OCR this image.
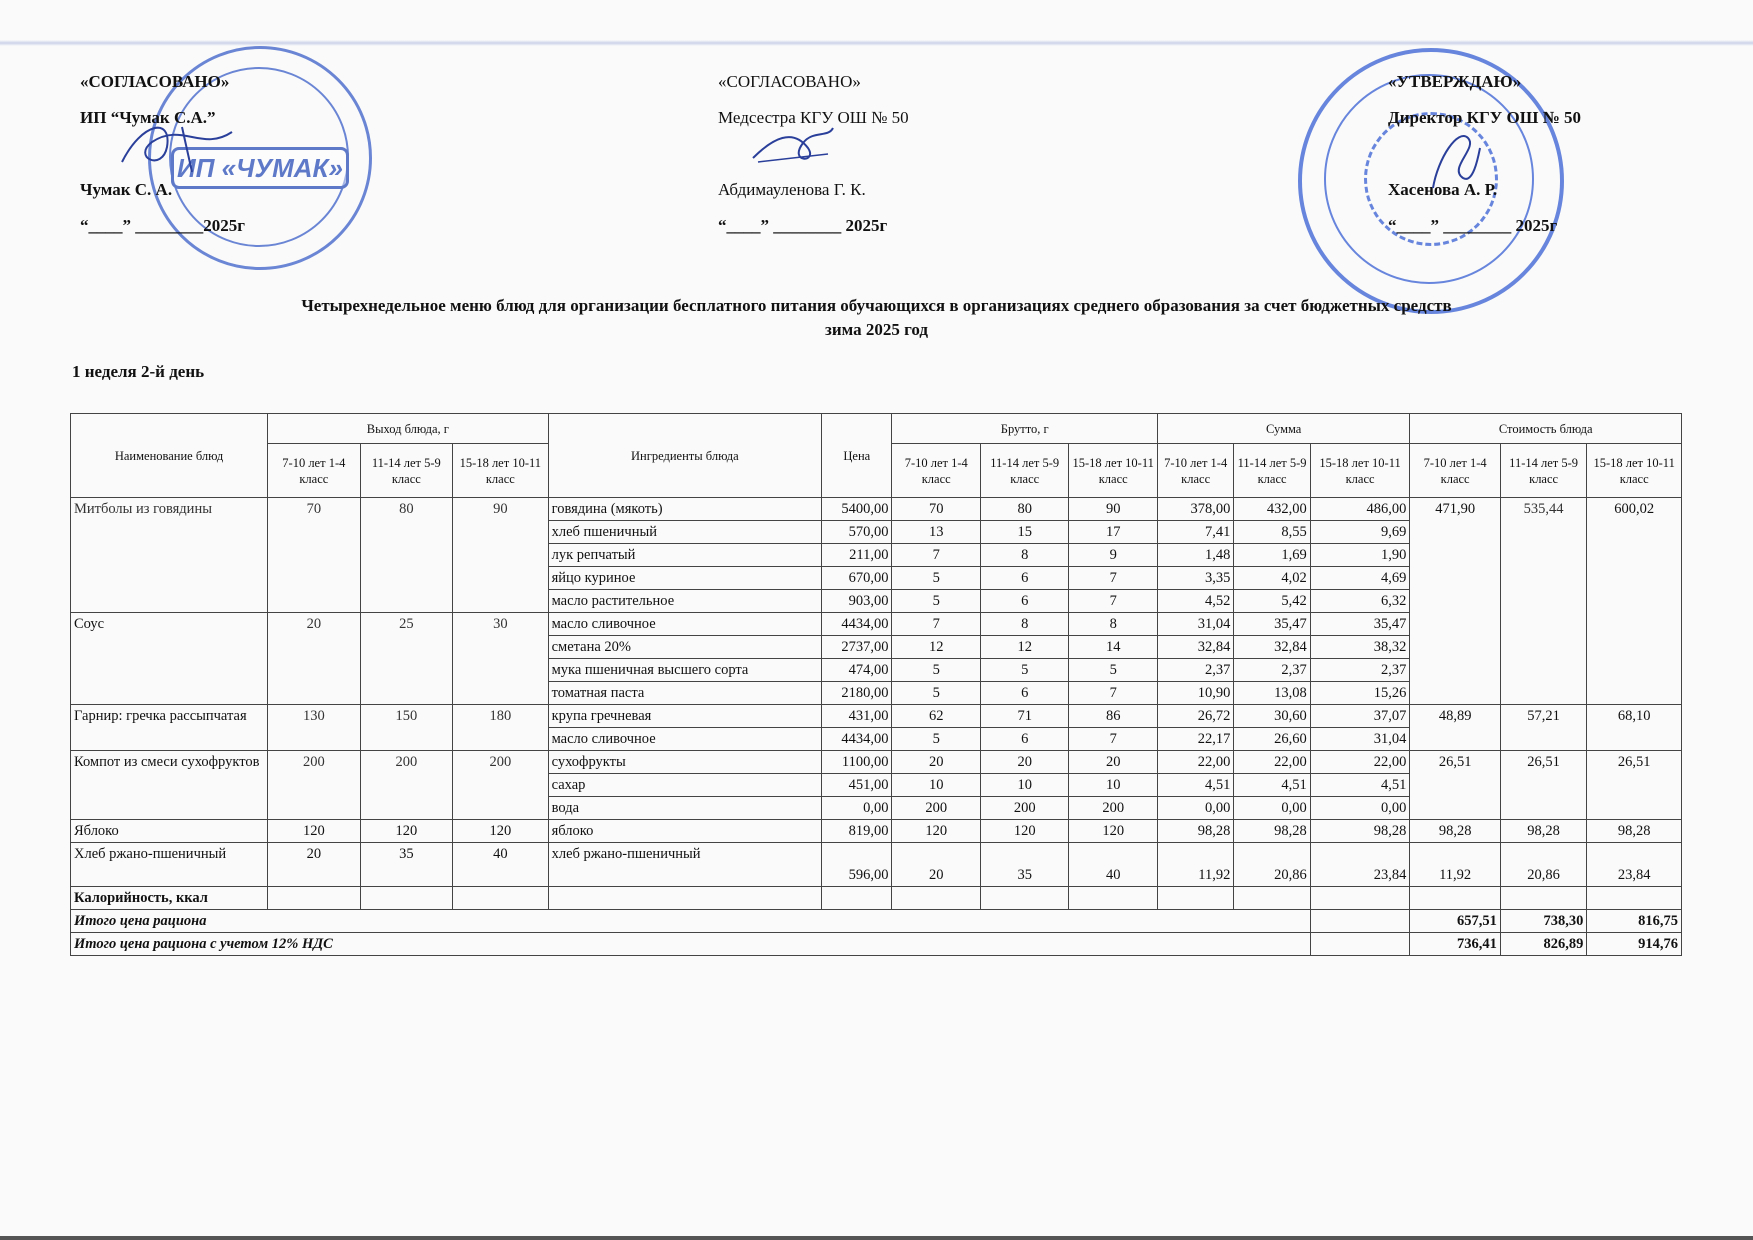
ИП «ЧУМАК»
«СОГЛАСОВАНО»
ИП “Чумак С.А.”
Чумак С. А.
“____” ________2025г
«СОГЛАСОВАНО»
Медсестра КГУ ОШ № 50
Абдимауленова Г. К.
“____” ________ 2025г
«УТВЕРЖДАЮ»
Директор КГУ ОШ № 50
Хасенова А. Р.
“____” ________ 2025г
Четырехнедельное меню блюд для организации бесплатного питания обучающихся в организациях среднего образования за счет бюджетных средств
зима 2025 год
1 неделя 2-й день
Наименование блюд	Выход блюда, г			Ингредиенты блюда	Цена	Брутто, г			Сумма			Стоимость блюда		
	7-10 лет 1-4 класс	11-14 лет 5-9 класс	15-18 лет 10-11 класс			7-10 лет 1-4 класс	11-14 лет 5-9 класс	15-18 лет 10-11 класс	7-10 лет 1-4 класс	11-14 лет 5-9 класс	15-18 лет 10-11 класс	7-10 лет 1-4 класс	11-14 лет 5-9 класс	15-18 лет 10-11 класс
Митболы из говядины	70	80	90	говядина (мякоть)	5400,00	70	80	90	378,00	432,00	486,00	471,90	535,44	600,02
				хлеб пшеничный	570,00	13	15	17	7,41	8,55	9,69			
				лук репчатый	211,00	7	8	9	1,48	1,69	1,90			
				яйцо куриное	670,00	5	6	7	3,35	4,02	4,69			
				масло растительное	903,00	5	6	7	4,52	5,42	6,32			
Соус	20	25	30	масло сливочное	4434,00	7	8	8	31,04	35,47	35,47			
				сметана 20%	2737,00	12	12	14	32,84	32,84	38,32			
				мука пшеничная высшего сорта	474,00	5	5	5	2,37	2,37	2,37			
				томатная паста	2180,00	5	6	7	10,90	13,08	15,26			
Гарнир: гречка рассыпчатая	130	150	180	крупа гречневая	431,00	62	71	86	26,72	30,60	37,07	48,89	57,21	68,10
				масло сливочное	4434,00	5	6	7	22,17	26,60	31,04			
Компот из смеси сухофруктов	200	200	200	сухофрукты	1100,00	20	20	20	22,00	22,00	22,00	26,51	26,51	26,51
				сахар	451,00	10	10	10	4,51	4,51	4,51			
				вода	0,00	200	200	200	0,00	0,00	0,00			
Яблоко	120	120	120	яблоко	819,00	120	120	120	98,28	98,28	98,28	98,28	98,28	98,28
Хлеб ржано-пшеничный	20	35	40	хлеб ржано-пшеничный	596,00	20	35	40	11,92	20,86	23,84	11,92	20,86	23,84
Калорийность, ккал														
Итого цена рациона												657,51	738,30	816,75
Итого цена рациона с учетом 12% НДС												736,41	826,89	914,76
